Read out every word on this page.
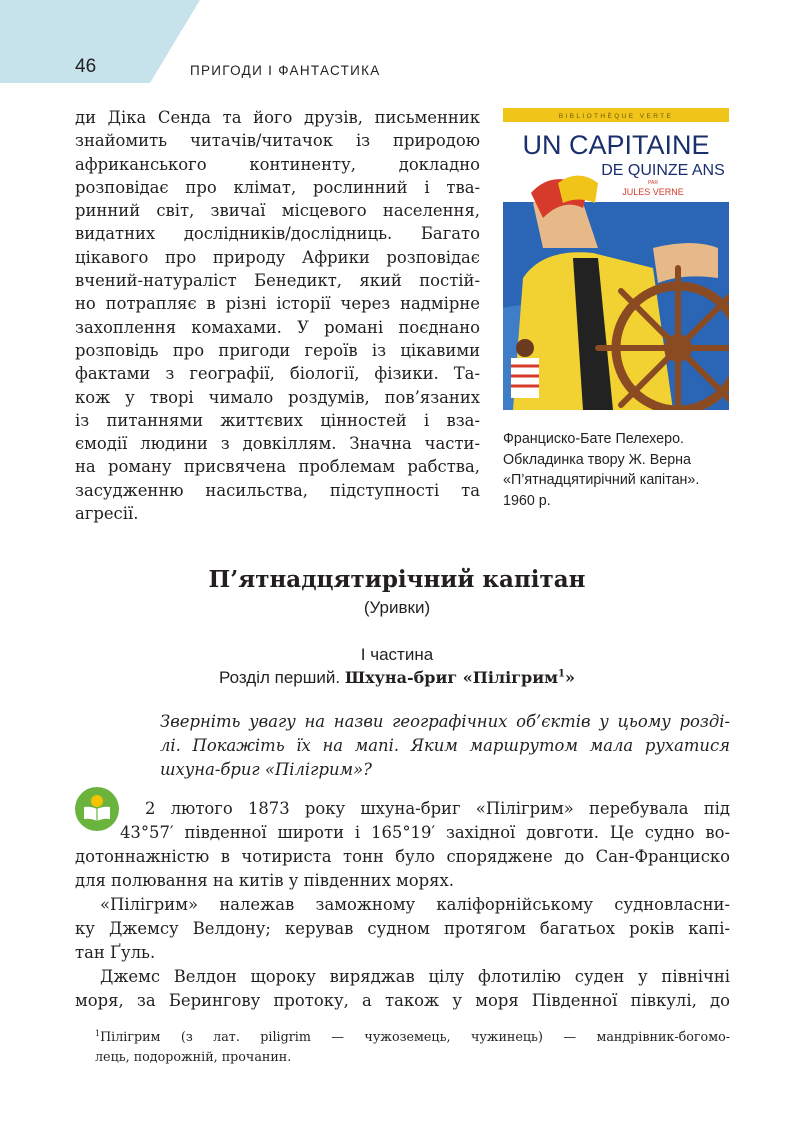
46	ПРИГОДИ І ФАНТАСТИКА
ди Діка Сенда та його друзів, письменник
знайомить читачів/читачок із природою
африканського континенту, докладно
розповідає про клімат, рослинний і тва-
ринний світ, звичаї місцевого населення,
видатних дослідників/дослідниць. Багато
цікавого про природу Африки розповідає
вчений-натураліст Бенедикт, який постій-
но потрапляє в різні історії через надмірне
захоплення комахами. У романі поєднано
розповідь про пригоди героїв із цікавими
фактами з географії, біології, фізики. Та-
кож у творі чимало роздумів, пов’язаних
із питаннями життєвих цінностей і вза-
ємодії людини з довкіллям. Значна части-
на роману присвячена проблемам рабства,
засудженню насильства, підступності та
агресії.
BIBLIOTHÈQUE VERTE
UN CAPITAINE
DE QUINZE ANS
PAR
JULES VERNE
Франциско-Бате Пелехеро.
Обкладинка твору Ж. Верна
«П’ятнадцятирічний капітан».
1960 р.
П’ятнадцятирічний капітан
(Уривки)
І частина
Розділ перший. Шхуна-бриг «Пілігрим$^1$»
Зверніть увагу на назви географічних об’єктів у цьому розді-
лі. Покажіть їх на мапі. Яким маршрутом мала рухатися
шхуна-бриг «Пілігрим»?
2 лютого 1873 року шхуна-бриг «Пілігрим» перебувала під
43°57′ південної широти і 165°19′ західної довготи. Це судно во-
дотоннажністю в чотириста тонн було споряджене до Сан-Франциско
для полювання на китів у південних морях.
«Пілігрим» належав заможному каліфорнійському судновласни-
ку Джемсу Велдону; керував судном протягом багатьох років капі-
тан Ґуль.
Джемс Велдон щороку виряджав цілу флотилію суден у північні
моря, за Берингову протоку, а також у моря Південної півкулі, до
$^1$Пілігрим (з лат. piligrim — чужоземець, чужинець) — мандрівник-богомо-
лець, подорожній, прочанин.
